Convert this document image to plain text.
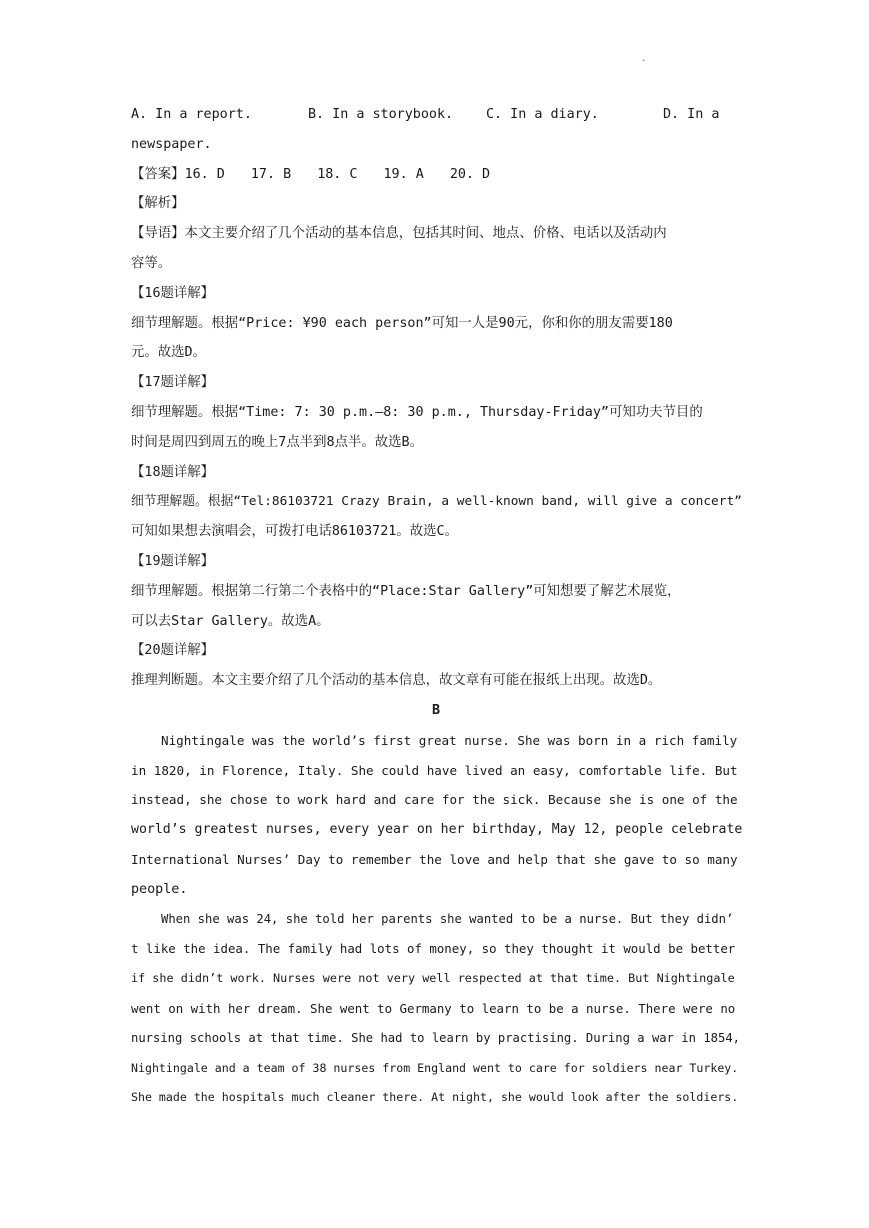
.
A. In a report.	B. In a storybook. C. In a diary.	D. In a
newspaper.
【答案】16. D 17. B 18. C 19. A 20. D
【解析】
【导语】本文主要介绍了几个活动的基本信息，包括其时间、地点、价格、电话以及活动内
容等。
【16题详解】
细节理解题。根据“Price: ¥90 each person”可知一人是90元，你和你的朋友需要180
元。故选D。
【17题详解】
细节理解题。根据“Time: 7: 30 p.m.—8: 30 p.m., Thursday-Friday”可知功夫节目的
时间是周四到周五的晚上7点半到8点半。故选B。
【18题详解】
细节理解题。根据“Tel:86103721 Crazy Brain, a well-known band, will give a concert”
可知如果想去演唱会，可拨打电话86103721。故选C。
【19题详解】
细节理解题。根据第二行第二个表格中的“Place:Star Gallery”可知想要了解艺术展览，
可以去Star Gallery。故选A。
【20题详解】
推理判断题。本文主要介绍了几个活动的基本信息，故文章有可能在报纸上出现。故选D。
B
Nightingale was the world’s first great nurse. She was born in a rich family
in 1820, in Florence, Italy. She could have lived an easy, comfortable life. But
instead, she chose to work hard and care for the sick. Because she is one of the
world’s greatest nurses, every year on her birthday, May 12, people celebrate
International Nurses’ Day to remember the love and help that she gave to so many
people.
When she was 24, she told her parents she wanted to be a nurse. But they didn’
t like the idea. The family had lots of money, so they thought it would be better
if she didn’t work. Nurses were not very well respected at that time. But Nightingale
went on with her dream. She went to Germany to learn to be a nurse. There were no
nursing schools at that time. She had to learn by practising. During a war in 1854,
Nightingale and a team of 38 nurses from England went to care for soldiers near Turkey.
She made the hospitals much cleaner there. At night, she would look after the soldiers.
